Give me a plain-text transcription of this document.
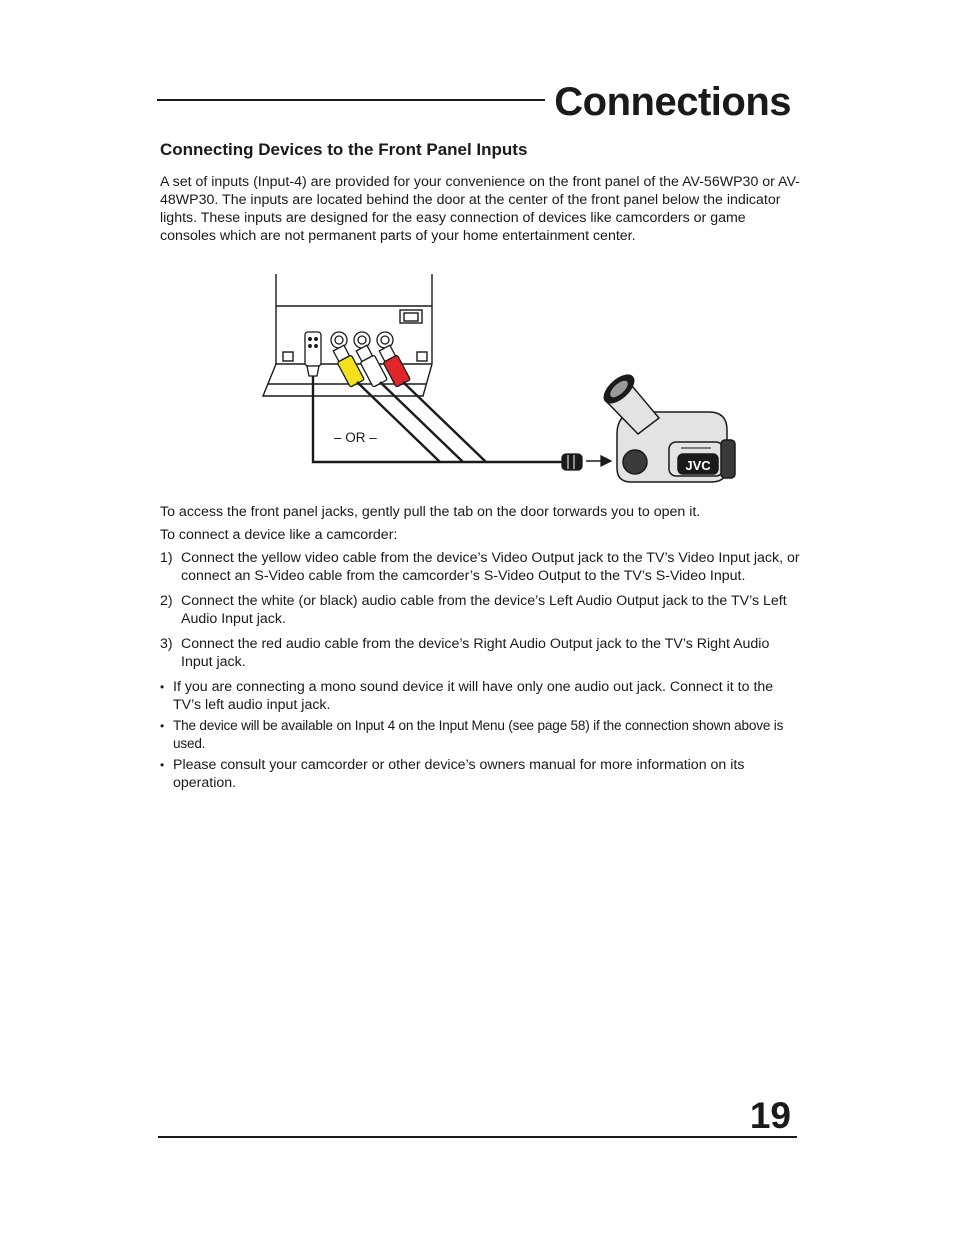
Connections
Connecting Devices to the Front Panel Inputs

A set of inputs (Input-4) are provided for your convenience on the front panel of the AV-56WP30 or AV-48WP30. The inputs are located behind the door at the center of the front panel below the indicator lights. These inputs are designed for the easy connection of devices like camcorders or game consoles which are not permanent parts of your home entertainment center.

– OR –
JVC

To access the front panel jacks, gently pull the tab on the door torwards you to open it.

To connect a device like a camcorder:

1) Connect the yellow video cable from the device’s Video Output jack to the TV’s Video Input jack, or connect an S-Video cable from the camcorder’s S-Video Output to the TV’s S-Video Input.
2) Connect the white (or black) audio cable from the device’s Left Audio Output jack to the TV’s Left Audio Input jack.
3) Connect the red audio cable from the device’s Right Audio Output jack to the TV’s Right Audio Input jack.
• If you are connecting a mono sound device it will have only one audio out jack. Connect it to the TV’s left audio input jack.
• The device will be available on Input 4 on the Input Menu (see page 58) if the connection shown above is used.
• Please consult your camcorder or other device’s owners manual for more information on its operation.
19
